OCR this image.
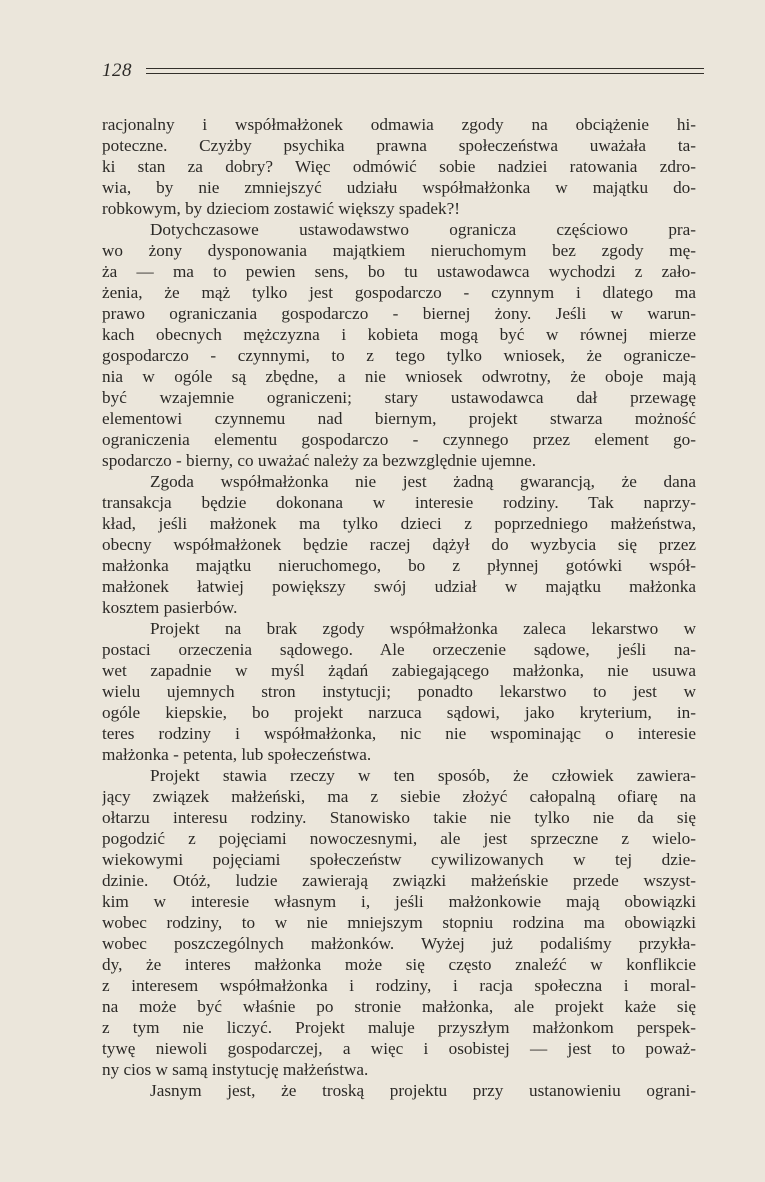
128
racjonalny i współmałżonek odmawia zgody na obciążenie hi-
poteczne. Czyżby psychika prawna społeczeństwa uważała ta-
ki stan za dobry? Więc odmówić sobie nadziei ratowania zdro-
wia, by nie zmniejszyć udziału współmałżonka w majątku do-
robkowym, by dzieciom zostawić większy spadek?!
Dotychczasowe ustawodawstwo ogranicza częściowo pra-
wo żony dysponowania majątkiem nieruchomym bez zgody mę-
ża — ma to pewien sens, bo tu ustawodawca wychodzi z zało-
żenia, że mąż tylko jest gospodarczo - czynnym i dlatego ma
prawo ograniczania gospodarczo - biernej żony. Jeśli w warun-
kach obecnych mężczyzna i kobieta mogą być w równej mierze
gospodarczo - czynnymi, to z tego tylko wniosek, że ogranicze-
nia w ogóle są zbędne, a nie wniosek odwrotny, że oboje mają
być wzajemnie ograniczeni; stary ustawodawca dał przewagę
elementowi czynnemu nad biernym, projekt stwarza możność
ograniczenia elementu gospodarczo - czynnego przez element go-
spodarczo - bierny, co uważać należy za bezwzględnie ujemne.
Zgoda współmałżonka nie jest żadną gwarancją, że dana
transakcja będzie dokonana w interesie rodziny. Tak naprzy-
kład, jeśli małżonek ma tylko dzieci z poprzedniego małżeństwa,
obecny współmałżonek będzie raczej dążył do wyzbycia się przez
małżonka majątku nieruchomego, bo z płynnej gotówki współ-
małżonek łatwiej powiększy swój udział w majątku małżonka
kosztem pasierbów.
Projekt na brak zgody współmałżonka zaleca lekarstwo w
postaci orzeczenia sądowego. Ale orzeczenie sądowe, jeśli na-
wet zapadnie w myśl żądań zabiegającego małżonka, nie usuwa
wielu ujemnych stron instytucji; ponadto lekarstwo to jest w
ogóle kiepskie, bo projekt narzuca sądowi, jako kryterium, in-
teres rodziny i współmałżonka, nic nie wspominając o interesie
małżonka - petenta, lub społeczeństwa.
Projekt stawia rzeczy w ten sposób, że człowiek zawiera-
jący związek małżeński, ma z siebie złożyć całopalną ofiarę na
ołtarzu interesu rodziny. Stanowisko takie nie tylko nie da się
pogodzić z pojęciami nowoczesnymi, ale jest sprzeczne z wielo-
wiekowymi pojęciami społeczeństw cywilizowanych w tej dzie-
dzinie. Otóż, ludzie zawierają związki małżeńskie przede wszyst-
kim w interesie własnym i, jeśli małżonkowie mają obowiązki
wobec rodziny, to w nie mniejszym stopniu rodzina ma obowiązki
wobec poszczególnych małżonków. Wyżej już podaliśmy przykła-
dy, że interes małżonka może się często znaleźć w konflikcie
z interesem współmałżonka i rodziny, i racja społeczna i moral-
na może być właśnie po stronie małżonka, ale projekt każe się
z tym nie liczyć. Projekt maluje przyszłym małżonkom perspek-
tywę niewoli gospodarczej, a więc i osobistej — jest to poważ-
ny cios w samą instytucję małżeństwa.
Jasnym jest, że troską projektu przy ustanowieniu ograni-
